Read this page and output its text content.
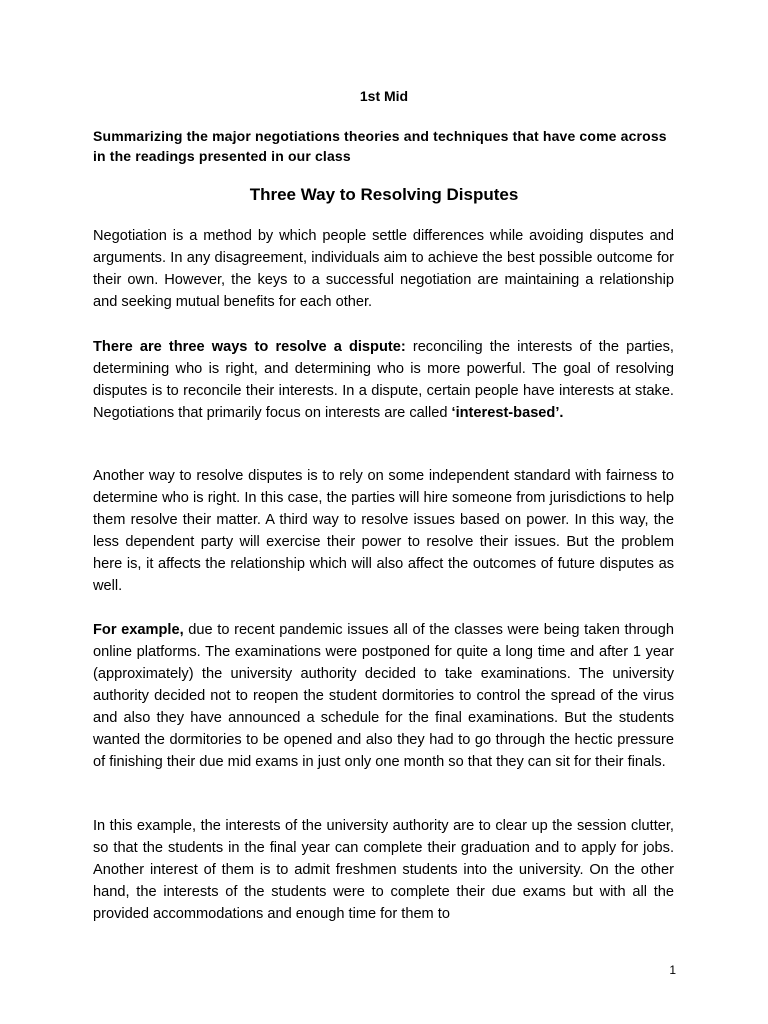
1st Mid
Summarizing the major negotiations theories and techniques that have come across in the readings presented in our class
Three Way to Resolving Disputes

Negotiation is a method by which people settle differences while avoiding disputes and arguments. In any disagreement, individuals aim to achieve the best possible outcome for their own. However, the keys to a successful negotiation are maintaining a relationship and seeking mutual benefits for each other.

There are three ways to resolve a dispute: reconciling the interests of the parties, determining who is right, and determining who is more powerful. The goal of resolving disputes is to reconcile their interests. In a dispute, certain people have interests at stake. Negotiations that primarily focus on interests are called ‘interest-based’.

Another way to resolve disputes is to rely on some independent standard with fairness to determine who is right. In this case, the parties will hire someone from jurisdictions to help them resolve their matter. A third way to resolve issues based on power. In this way, the less dependent party will exercise their power to resolve their issues. But the problem here is, it affects the relationship which will also affect the outcomes of future disputes as well.

For example, due to recent pandemic issues all of the classes were being taken through online platforms. The examinations were postponed for quite a long time and after 1 year (approximately) the university authority decided to take examinations. The university authority decided not to reopen the student dormitories to control the spread of the virus and also they have announced a schedule for the final examinations. But the students wanted the dormitories to be opened and also they had to go through the hectic pressure of finishing their due mid exams in just only one month so that they can sit for their finals.

In this example, the interests of the university authority are to clear up the session clutter, so that the students in the final year can complete their graduation and to apply for jobs. Another interest of them is to admit freshmen students into the university. On the other hand, the interests of the students were to complete their due exams but with all the provided accommodations and enough time for them to

1
